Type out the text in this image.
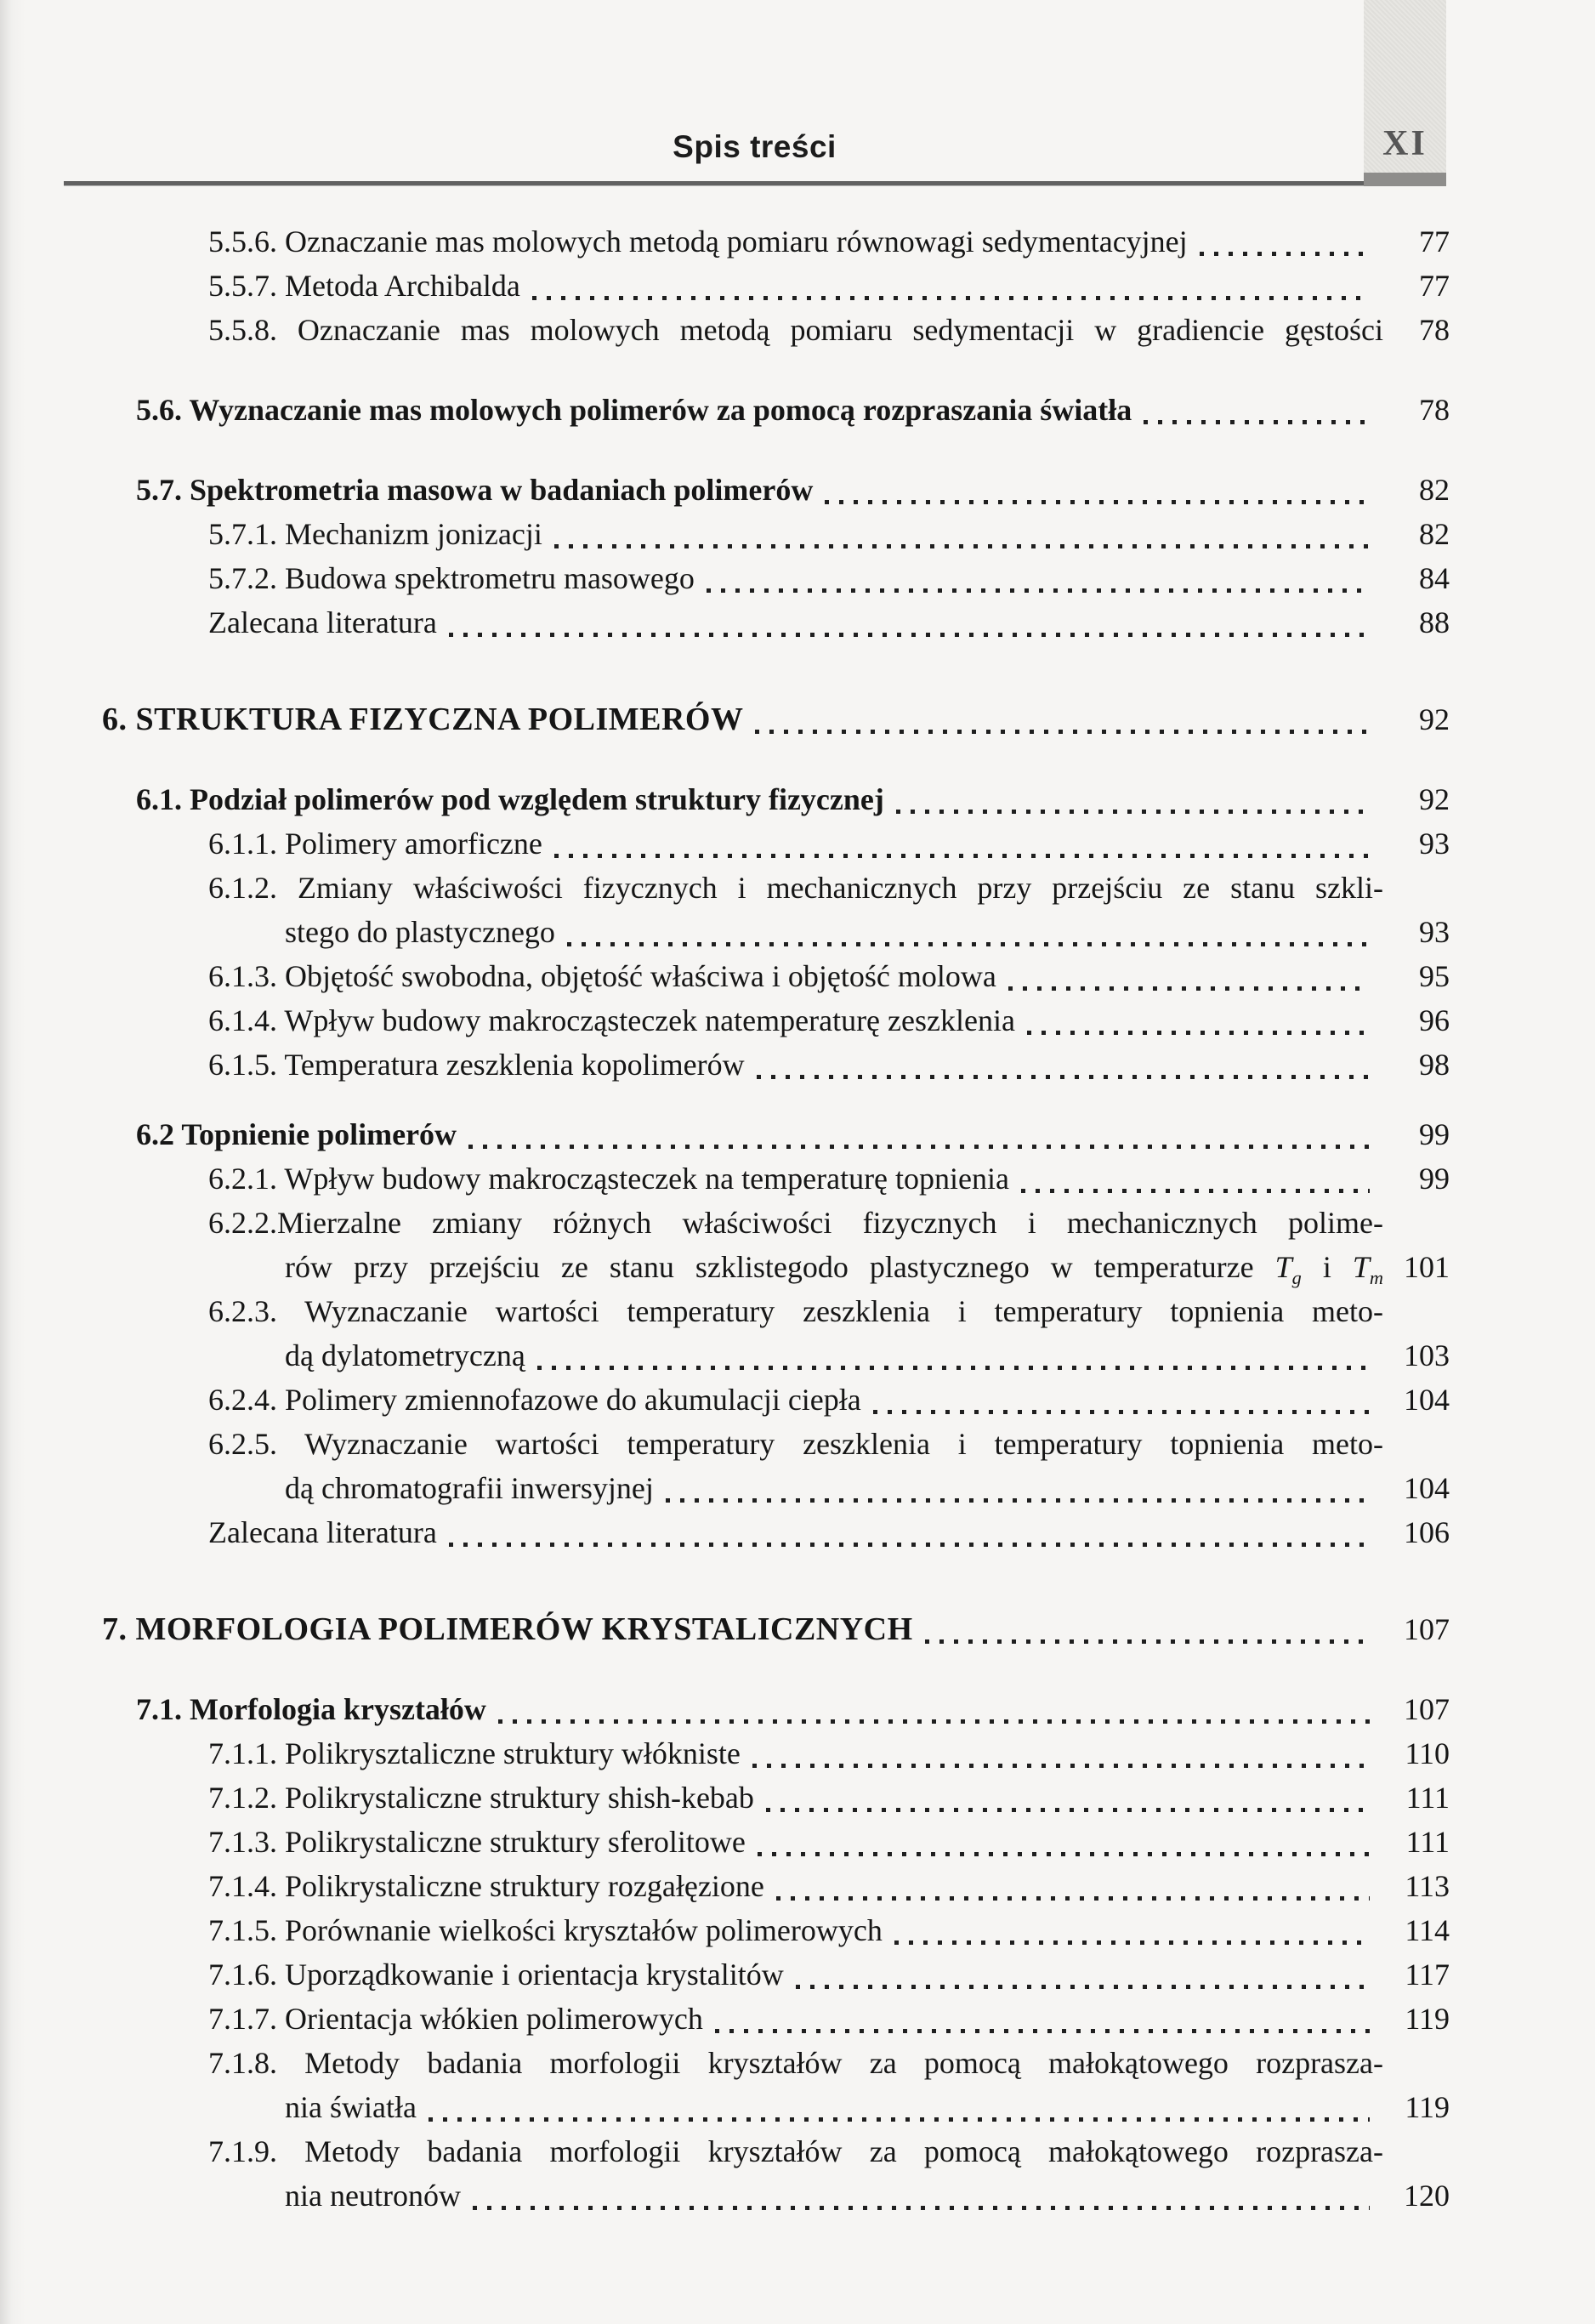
Spis treści	XI
5.5.6. Oznaczanie mas molowych metodą pomiaru równowagi sedymentacyjnej	77
5.5.7. Metoda Archibalda	77
5.5.8. Oznaczanie mas molowych metodą pomiaru sedymentacji w gradiencie gęstości	78
5.6. Wyznaczanie mas molowych polimerów za pomocą rozpraszania światła	78
5.7. Spektrometria masowa w badaniach polimerów	82
5.7.1. Mechanizm jonizacji	82
5.7.2. Budowa spektrometru masowego	84
Zalecana literatura	88
6. STRUKTURA FIZYCZNA POLIMERÓW	92
6.1. Podział polimerów pod względem struktury fizycznej	92
6.1.1. Polimery amorficzne	93
6.1.2. Zmiany właściwości fizycznych i mechanicznych przy przejściu ze stanu szkli-
stego do plastycznego	93
6.1.3. Objętość swobodna, objętość właściwa i objętość molowa	95
6.1.4. Wpływ budowy makrocząsteczek natemperaturę zeszklenia	96
6.1.5. Temperatura zeszklenia kopolimerów	98
6.2 Topnienie polimerów	99
6.2.1. Wpływ budowy makrocząsteczek na temperaturę topnienia	99
6.2.2.Mierzalne zmiany różnych właściwości fizycznych i mechanicznych polime-
rów przy przejściu ze stanu szklistegodo plastycznego w temperaturze $T_g$ i $T_m$ 101
6.2.3. Wyznaczanie wartości temperatury zeszklenia i temperatury topnienia meto-
dą dylatometryczną	103
6.2.4. Polimery zmiennofazowe do akumulacji ciepła	104
6.2.5. Wyznaczanie wartości temperatury zeszklenia i temperatury topnienia meto-
dą chromatografii inwersyjnej	104
Zalecana literatura	106
7. MORFOLOGIA POLIMERÓW KRYSTALICZNYCH	107
7.1. Morfologia kryształów	107
7.1.1. Polikrysztaliczne struktury włókniste	110
7.1.2. Polikrystaliczne struktury shish-kebab	111
7.1.3. Polikrystaliczne struktury sferolitowe	111
7.1.4. Polikrystaliczne struktury rozgałęzione	113
7.1.5. Porównanie wielkości kryształów polimerowych	114
7.1.6. Uporządkowanie i orientacja krystalitów	117
7.1.7. Orientacja włókien polimerowych	119
7.1.8. Metody badania morfologii kryształów za pomocą małokątowego rozprasza-
nia światła	119
7.1.9. Metody badania morfologii kryształów za pomocą małokątowego rozprasza-
nia neutronów	120
